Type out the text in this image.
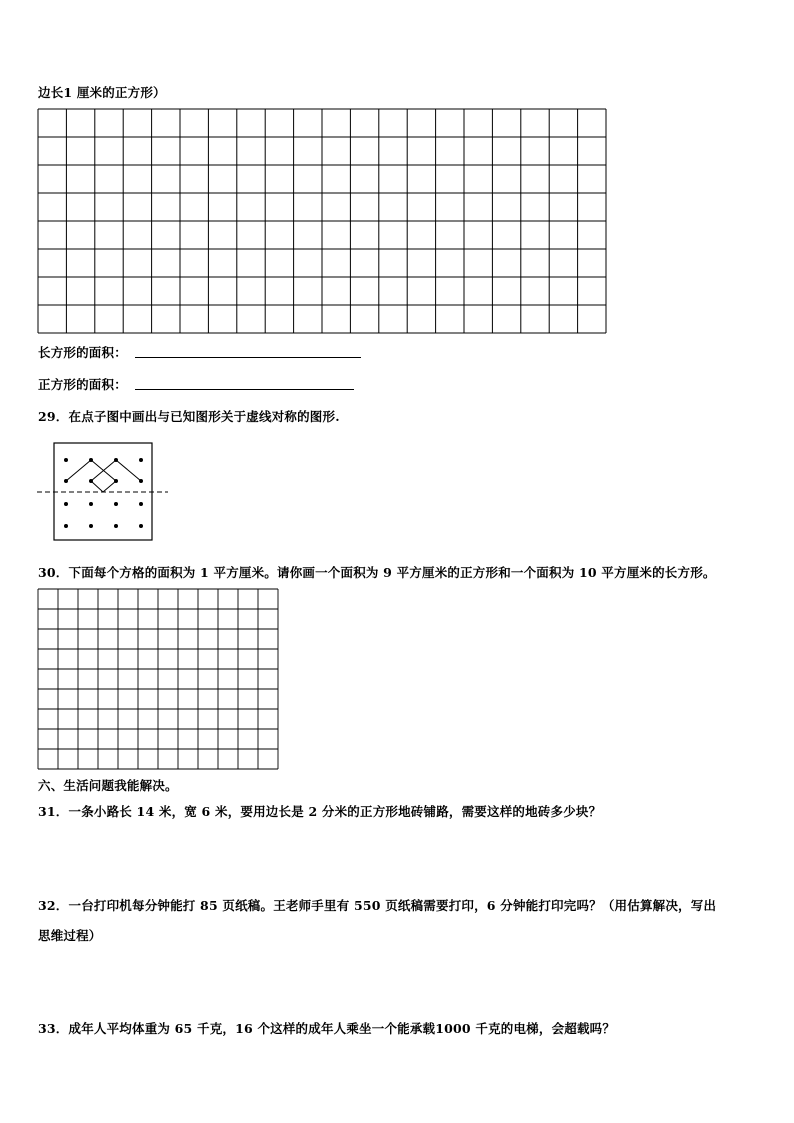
边长1 厘米的正方形）
长方形的面积：
正方形的面积：
29．在点子图中画出与已知图形关于虚线对称的图形.
30．下面每个方格的面积为 1 平方厘米。请你画一个面积为 9 平方厘米的正方形和一个面积为 10 平方厘米的长方形。
六、生活问题我能解决。
31．一条小路长 14 米，宽 6 米，要用边长是 2 分米的正方形地砖铺路，需要这样的地砖多少块？
32．一台打印机每分钟能打 85 页纸稿。王老师手里有 550 页纸稿需要打印，6 分钟能打印完吗？（用估算解决，写出
思维过程）
33．成年人平均体重为 65 千克，16 个这样的成年人乘坐一个能承载1000 千克的电梯，会超载吗？
